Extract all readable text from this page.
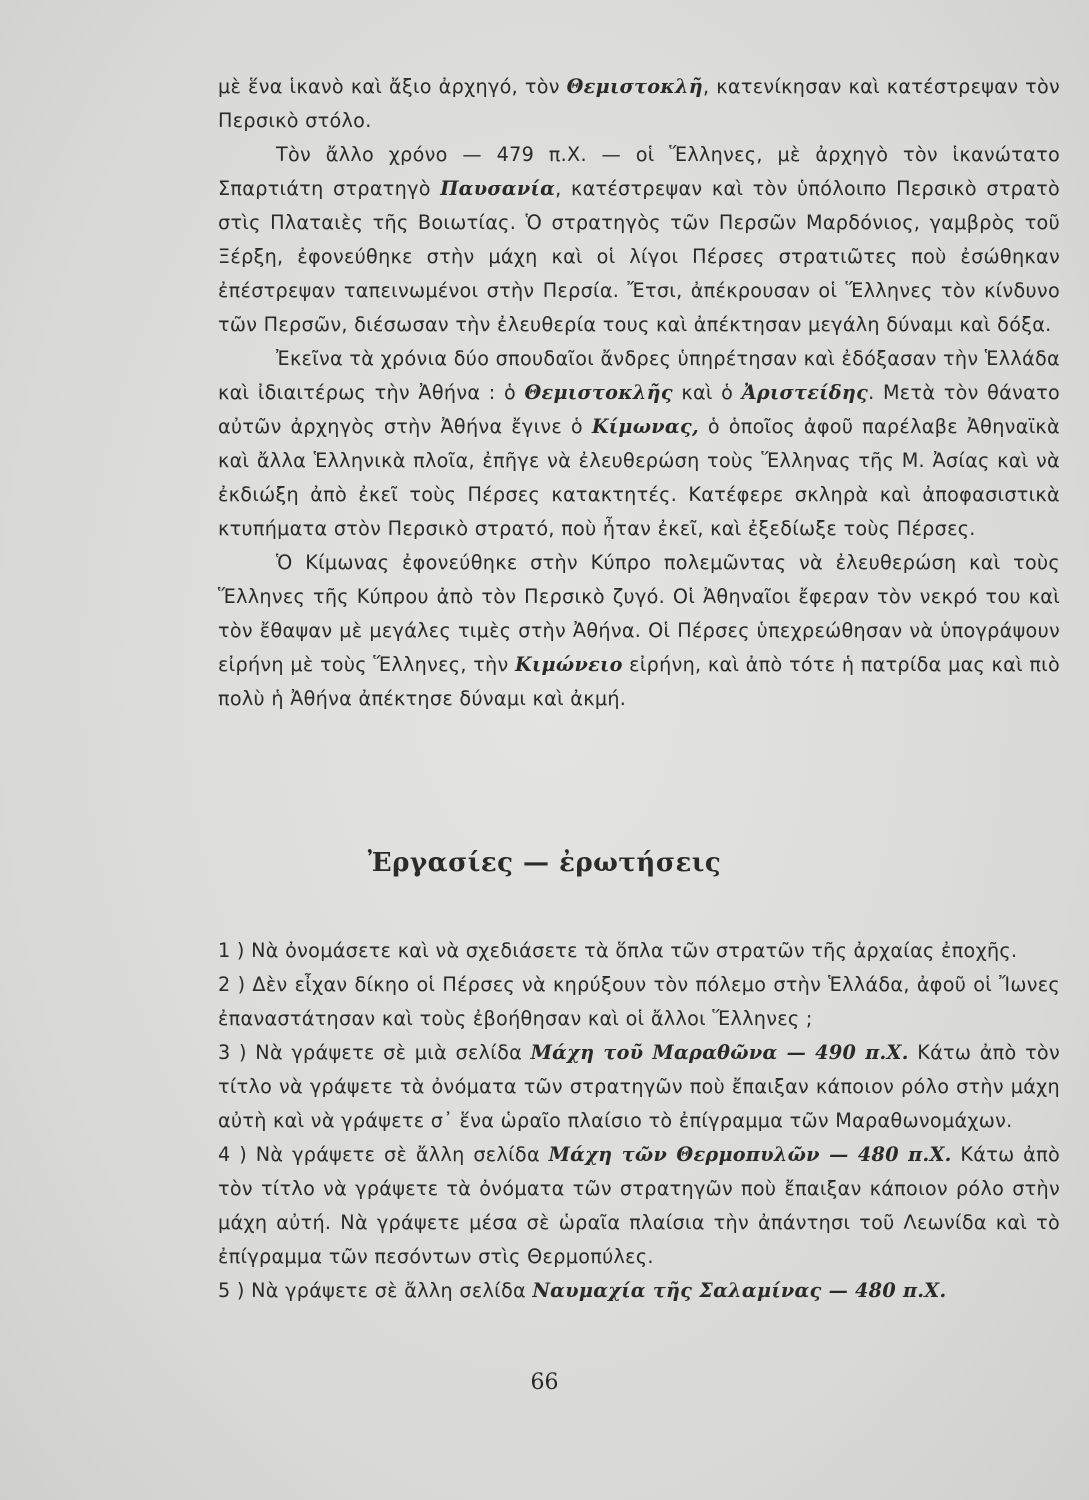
μὲ ἕνα ἱκανὸ καὶ ἄξιο ἀρχηγό, τὸν Θεμιστοκλῆ, κατενίκησαν καὶ κατέστρεψαν τὸν Περσικὸ στόλο.
Τὸν ἄλλο χρόνο — 479 π.Χ. — οἱ Ἕλληνες, μὲ ἀρχηγὸ τὸν ἱκανώτατο Σπαρτιάτη στρατηγὸ Παυσανία, κατέστρεψαν καὶ τὸν ὑπόλοιπο Περσικὸ στρατὸ στὶς Πλαταιὲς τῆς Βοιωτίας. Ὁ στρατηγὸς τῶν Περσῶν Μαρδόνιος, γαμβρὸς τοῦ Ξέρξη, ἐφονεύθηκε στὴν μάχη καὶ οἱ λίγοι Πέρσες στρατιῶτες ποὺ ἐσώθηκαν ἐπέστρεψαν ταπεινωμένοι στὴν Περσία. Ἔτσι, ἀπέκρουσαν οἱ Ἕλληνες τὸν κίνδυνο τῶν Περσῶν, διέσωσαν τὴν ἐλευθερία τους καὶ ἀπέκτησαν μεγάλη δύναμι καὶ δόξα.
Ἐκεῖνα τὰ χρόνια δύο σπουδαῖοι ἄνδρες ὑπηρέτησαν καὶ ἐδόξασαν τὴν Ἑλλάδα καὶ ἰδιαιτέρως τὴν Ἀθήνα : ὁ Θεμιστοκλῆς καὶ ὁ Ἀριστείδης. Μετὰ τὸν θάνατο αὐτῶν ἀρχηγὸς στὴν Ἀθήνα ἔγινε ὁ Κίμωνας, ὁ ὁποῖος ἀφοῦ παρέλαβε Ἀθηναϊκὰ καὶ ἄλλα Ἑλληνικὰ πλοῖα, ἐπῆγε νὰ ἐλευθερώση τοὺς Ἕλληνας τῆς Μ. Ἀσίας καὶ νὰ ἐκδιώξη ἀπὸ ἐκεῖ τοὺς Πέρσες κατακτητές. Κατέφερε σκληρὰ καὶ ἀποφασιστικὰ κτυπήματα στὸν Περσικὸ στρατό, ποὺ ἦταν ἐκεῖ, καὶ ἐξεδίωξε τοὺς Πέρσες.
Ὁ Κίμωνας ἐφονεύθηκε στὴν Κύπρο πολεμῶντας νὰ ἐλευθερώση καὶ τοὺς Ἕλληνες τῆς Κύπρου ἀπὸ τὸν Περσικὸ ζυγό. Οἱ Ἀθηναῖοι ἔφεραν τὸν νεκρό του καὶ τὸν ἔθαψαν μὲ μεγάλες τιμὲς στὴν Ἀθήνα. Οἱ Πέρσες ὑπεχρεώθησαν νὰ ὑπογράψουν εἰρήνη μὲ τοὺς Ἕλληνες, τὴν Κιμώνειο εἰρήνη, καὶ ἀπὸ τότε ἡ πατρίδα μας καὶ πιὸ πολὺ ἡ Ἀθήνα ἀπέκτησε δύναμι καὶ ἀκμή.
Ἐργασίες — ἐρωτήσεις
1 ) Νὰ ὀνομάσετε καὶ νὰ σχεδιάσετε τὰ ὅπλα τῶν στρατῶν τῆς ἀρχαίας ἐποχῆς.
2 ) Δὲν εἶχαν δίκηο οἱ Πέρσες νὰ κηρύξουν τὸν πόλεμο στὴν Ἑλλάδα, ἀφοῦ οἱ Ἴωνες ἐπαναστάτησαν καὶ τοὺς ἐβοήθησαν καὶ οἱ ἄλλοι Ἕλληνες ;
3 ) Νὰ γράψετε σὲ μιὰ σελίδα Μάχη τοῦ Μαραθῶνα — 490 π.Χ. Κάτω ἀπὸ τὸν τίτλο νὰ γράψετε τὰ ὀνόματα τῶν στρατηγῶν ποὺ ἔπαιξαν κάποιον ρόλο στὴν μάχη αὐτὴ καὶ νὰ γράψετε σ᾽ ἕνα ὡραῖο πλαίσιο τὸ ἐπίγραμμα τῶν Μαραθωνομάχων.
4 ) Νὰ γράψετε σὲ ἄλλη σελίδα Μάχη τῶν Θερμοπυλῶν — 480 π.Χ. Κάτω ἀπὸ τὸν τίτλο νὰ γράψετε τὰ ὀνόματα τῶν στρατηγῶν ποὺ ἔπαιξαν κάποιον ρόλο στὴν μάχη αὐτή. Νὰ γράψετε μέσα σὲ ὡραῖα πλαίσια τὴν ἀπάντησι τοῦ Λεωνίδα καὶ τὸ ἐπίγραμμα τῶν πεσόντων στὶς Θερμοπύλες.
5 ) Νὰ γράψετε σὲ ἄλλη σελίδα Ναυμαχία τῆς Σαλαμίνας — 480 π.Χ.
66
